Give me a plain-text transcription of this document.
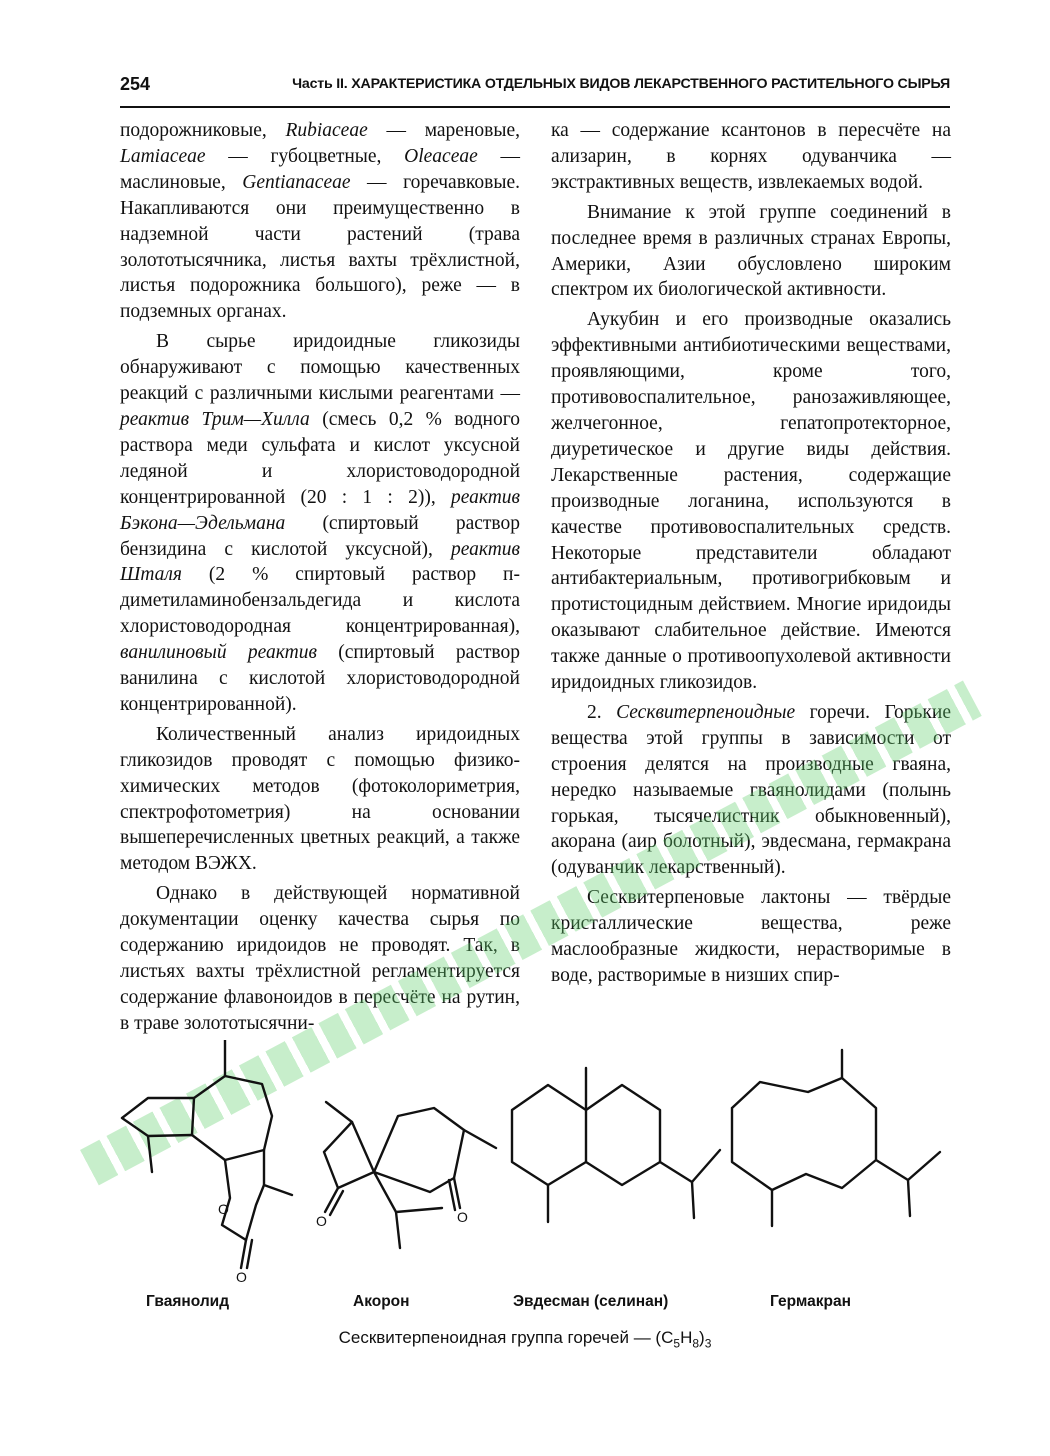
254	Часть II. ХАРАКТЕРИСТИКА ОТДЕЛЬНЫХ ВИДОВ ЛЕКАРСТВЕННОГО РАСТИТЕЛЬНОГО СЫРЬЯ

подорожниковые, Rubiaceae — мареновые, Lamiaceae — губоцветные, Oleaceae — маслиновые, Gentianaceae — горечавковые. Накапливаются они преимущественно в надземной части растений (трава золототысячника, листья вахты трёхлистной, листья подорожника большого), реже — в подземных органах.

В сырье иридоидные гликозиды обнаруживают с помощью качественных реакций с различными кислыми реагентами — реактив Трим—Хилла (смесь 0,2 % водного раствора меди сульфата и кислот уксусной ледяной и хлористоводородной концентрированной (20 : 1 : 2)), реактив Бэкона—Эдельмана (спиртовый раствор бензидина с кислотой уксусной), реактив Шталя (2 % спиртовый раствор п-диметиламинобензальдегида и кислота хлористоводородная концентрированная), ванилиновый реактив (спиртовый раствор ванилина с кислотой хлористоводородной концентрированной).

Количественный анализ иридоидных гликозидов проводят с помощью физико-химических методов (фотоколориметрия, спектрофотометрия) на основании вышеперечисленных цветных реакций, а также методом ВЭЖХ.

Однако в действующей нормативной документации оценку качества сырья по содержанию иридоидов не проводят. Так, в листьях вахты трёхлистной регламентируется содержание флавоноидов в пересчёте на рутин, в траве золототысячни-

ка — содержание ксантонов в пересчёте на ализарин, в корнях одуванчика — экстрактивных веществ, извлекаемых водой.

Внимание к этой группе соединений в последнее время в различных странах Европы, Америки, Азии обусловлено широким спектром их биологической активности.

Аукубин и его производные оказались эффективными антибиотическими веществами, проявляющими, кроме того, противовоспалительное, ранозаживляющее, желчегонное, гепатопротекторное, диуретическое и другие виды действия. Лекарственные растения, содержащие производные логанина, используются в качестве противовоспалительных средств. Некоторые представители обладают антибактериальным, противогрибковым и протистоцидным действием. Многие иридоиды оказывают слабительное действие. Имеются также данные о противоопухолевой активности иридоидных гликозидов.

2. Сесквитерпеноидные горечи. Горькие вещества этой группы в зависимости от строения делятся на производные гваяна, нередко называемые гваянолидами (полынь горькая, тысячелистник обыкновенный), акорана (аир болотный), эвдесмана, гермакрана (одуванчик лекарственный).

Сесквитерпеновые лактоны — твёрдые кристаллические вещества, реже маслообразные жидкости, нерастворимые в воде, растворимые в низших спир-

O
O
O	O
Гваянолид	Акорон	Эвдесман (селинан)	Гермакран
Сесквитерпеноидная группа горечей — $(C_5H_8)_3$
